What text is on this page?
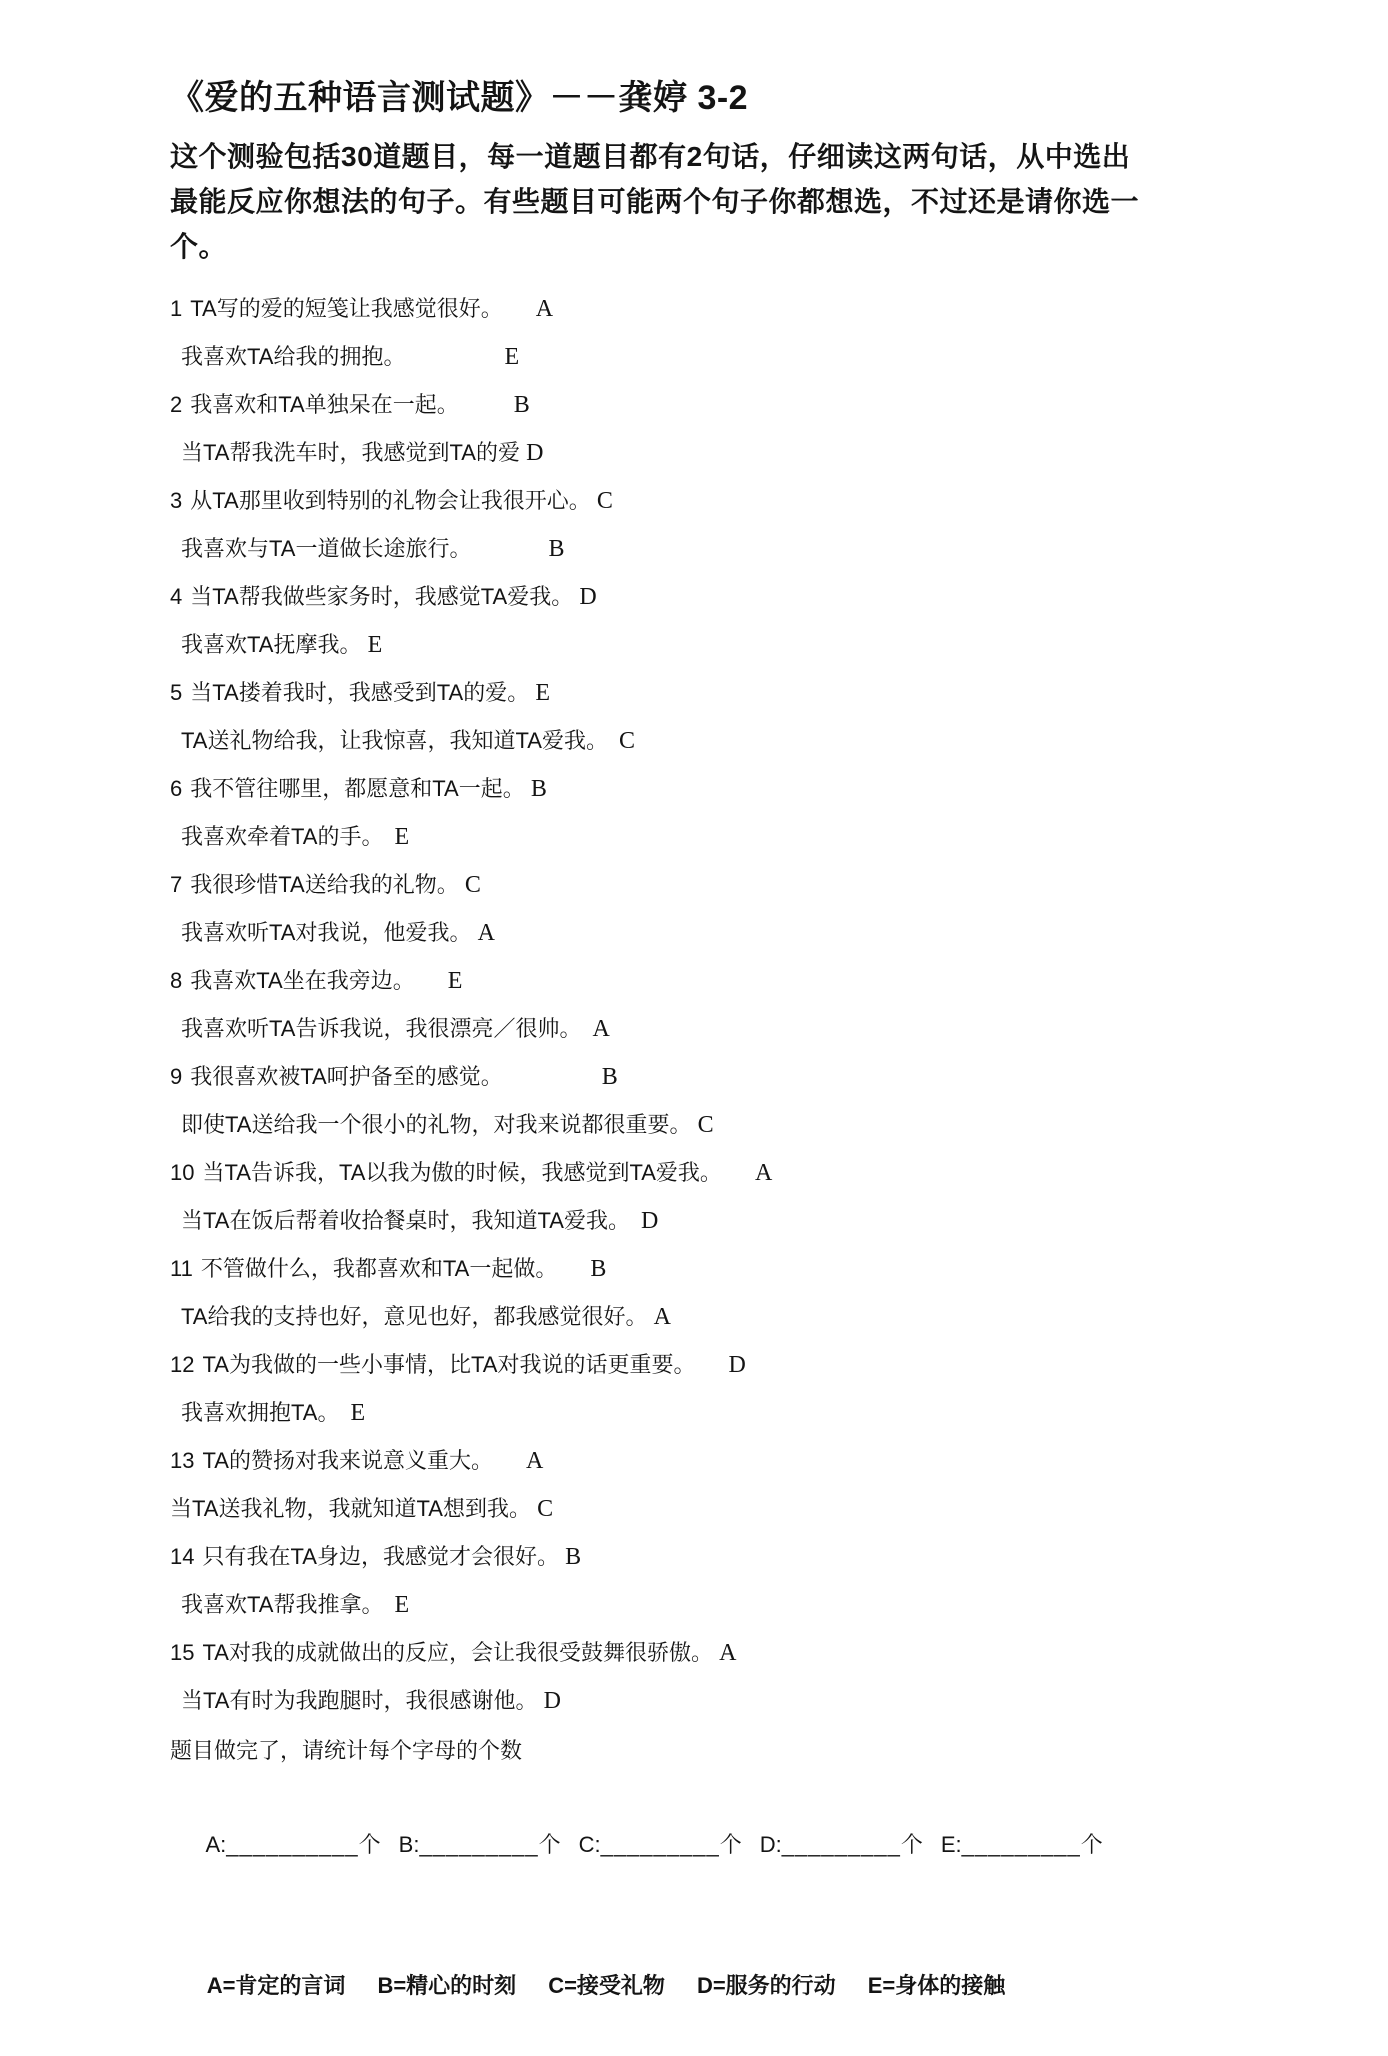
《爱的五种语言测试题》－－龚婷 3-2
这个测验包括30道题目，每一道题目都有2句话，仔细读这两句话，从中选出
最能反应你想法的句子。有些题目可能两个句子你都想选，不过还是请你选一
个。
1 TA写的爱的短笺让我感觉很好。　　 A
我喜欢TA给我的拥抱。　　　　　	E
2 我喜欢和TA单独呆在一起。　　　	B
当TA帮我洗车时，我感觉到TA的爱 D
3 从TA那里收到特别的礼物会让我很开心。 C
我喜欢与TA一道做长途旅行。　　　　	B
4 当TA帮我做些家务时，我感觉TA爱我。 D
我喜欢TA抚摩我。 E
5 当TA搂着我时，我感受到TA的爱。 E
TA送礼物给我，让我惊喜，我知道TA爱我。　 C
6 我不管往哪里，都愿意和TA一起。 B
我喜欢牵着TA的手。　 E
7 我很珍惜TA送给我的礼物。 C
我喜欢听TA对我说，他爱我。 A
8 我喜欢TA坐在我旁边。　　 E
我喜欢听TA告诉我说，我很漂亮／很帅。　 A
9 我很喜欢被TA呵护备至的感觉。　　　　　	B
即使TA送给我一个很小的礼物，对我来说都很重要。 C
10 当TA告诉我，TA以我为傲的时候，我感觉到TA爱我。　　 A
当TA在饭后帮着收拾餐桌时，我知道TA爱我。　 D
11 不管做什么，我都喜欢和TA一起做。　　 B
TA给我的支持也好，意见也好，都我感觉很好。 A
12 TA为我做的一些小事情，比TA对我说的话更重要。　　 D
我喜欢拥抱TA。　 E
13 TA的赞扬对我来说意义重大。　　 A
当TA送我礼物，我就知道TA想到我。 C
14 只有我在TA身边，我感觉才会很好。 B
我喜欢TA帮我推拿。　 E
15 TA对我的成就做出的反应，会让我很受鼓舞很骄傲。 A
当TA有时为我跑腿时，我很感谢他。 D
题目做完了，请统计每个字母的个数

A:__________个 B:_________个 C:_________个 D:_________个 E:_________个

A=肯定的言词 B=精心的时刻 C=接受礼物 D=服务的行动 E=身体的接触
